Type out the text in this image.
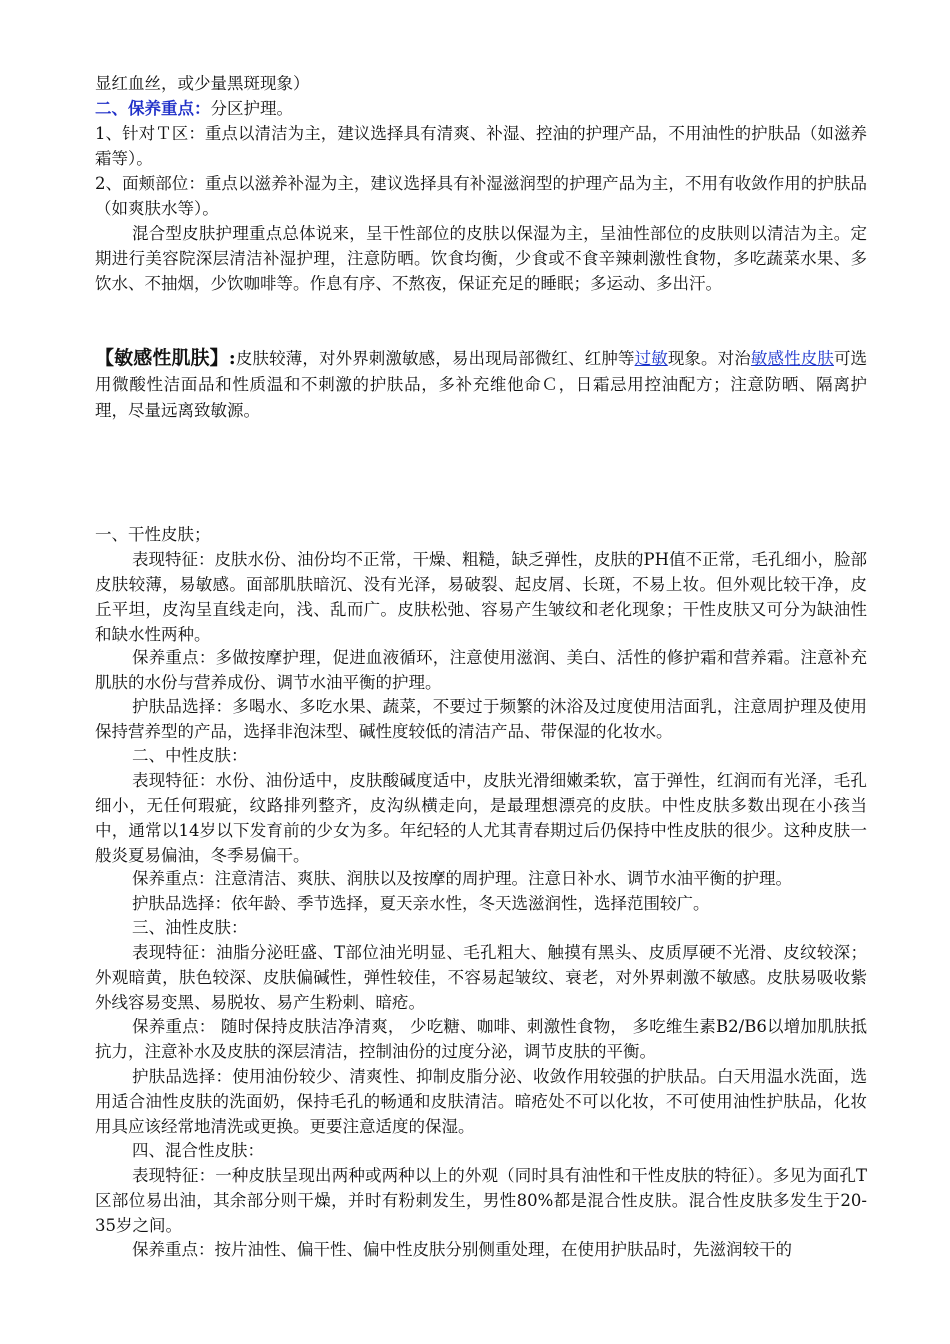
显红血丝，或少量黑斑现象）

二、保养重点：分区护理。

1、针对Ｔ区：重点以清洁为主，建议选择具有清爽、补湿、控油的护理产品，不用油性的护肤品（如滋养霜等）。

2、面颊部位：重点以滋养补湿为主，建议选择具有补湿滋润型的护理产品为主，不用有收敛作用的护肤品（如爽肤水等）。

混合型皮肤护理重点总体说来，呈干性部位的皮肤以保湿为主，呈油性部位的皮肤则以清洁为主。定期进行美容院深层清洁补湿护理，注意防晒。饮食均衡，少食或不食辛辣刺激性食物，多吃蔬菜水果、多饮水、不抽烟，少饮咖啡等。作息有序、不熬夜，保证充足的睡眠；多运动、多出汗。

【敏感性肌肤】:皮肤较薄，对外界刺激敏感，易出现局部微红、红肿等过敏现象。对治敏感性皮肤可选用微酸性洁面品和性质温和不刺激的护肤品，多补充维他命Ｃ，日霜忌用控油配方；注意防晒、隔离护理，尽量远离致敏源。

一、干性皮肤；

表现特征：皮肤水份、油份均不正常，干燥、粗糙，缺乏弹性，皮肤的PH值不正常，毛孔细小，脸部皮肤较薄，易敏感。面部肌肤暗沉、没有光泽，易破裂、起皮屑、长斑，不易上妆。但外观比较干净，皮丘平坦，皮沟呈直线走向，浅、乱而广。皮肤松弛、容易产生皱纹和老化现象；干性皮肤又可分为缺油性和缺水性两种。

保养重点：多做按摩护理，促进血液循环，注意使用滋润、美白、活性的修护霜和营养霜。注意补充肌肤的水份与营养成份、调节水油平衡的护理。

护肤品选择：多喝水、多吃水果、蔬菜，不要过于频繁的沐浴及过度使用洁面乳，注意周护理及使用保持营养型的产品，选择非泡沫型、碱性度较低的清洁产品、带保湿的化妆水。

二、中性皮肤：

表现特征：水份、油份适中，皮肤酸碱度适中，皮肤光滑细嫩柔软，富于弹性，红润而有光泽，毛孔细小，无任何瑕疵，纹路排列整齐，皮沟纵横走向，是最理想漂亮的皮肤。中性皮肤多数出现在小孩当中，通常以14岁以下发育前的少女为多。年纪轻的人尤其青春期过后仍保持中性皮肤的很少。这种皮肤一般炎夏易偏油，冬季易偏干。

保养重点：注意清洁、爽肤、润肤以及按摩的周护理。注意日补水、调节水油平衡的护理。

护肤品选择：依年龄、季节选择，夏天亲水性，冬天选滋润性，选择范围较广。

三、油性皮肤：

表现特征：油脂分泌旺盛、T部位油光明显、毛孔粗大、触摸有黑头、皮质厚硬不光滑、皮纹较深；外观暗黄，肤色较深、皮肤偏碱性，弹性较佳，不容易起皱纹、衰老，对外界刺激不敏感。皮肤易吸收紫外线容易变黑、易脱妆、易产生粉刺、暗疮。

保养重点： 随时保持皮肤洁净清爽， 少吃糖、咖啡、刺激性食物， 多吃维生素B2/B6以增加肌肤抵抗力，注意补水及皮肤的深层清洁，控制油份的过度分泌，调节皮肤的平衡。

护肤品选择：使用油份较少、清爽性、抑制皮脂分泌、收敛作用较强的护肤品。白天用温水洗面，选用适合油性皮肤的洗面奶，保持毛孔的畅通和皮肤清洁。暗疮处不可以化妆，不可使用油性护肤品，化妆用具应该经常地清洗或更换。更要注意适度的保湿。

四、混合性皮肤：

表现特征：一种皮肤呈现出两种或两种以上的外观（同时具有油性和干性皮肤的特征）。多见为面孔T区部位易出油，其余部分则干燥，并时有粉刺发生，男性80%都是混合性皮肤。混合性皮肤多发生于20-35岁之间。

保养重点：按片油性、偏干性、偏中性皮肤分别侧重处理，在使用护肤品时，先滋润较干的
